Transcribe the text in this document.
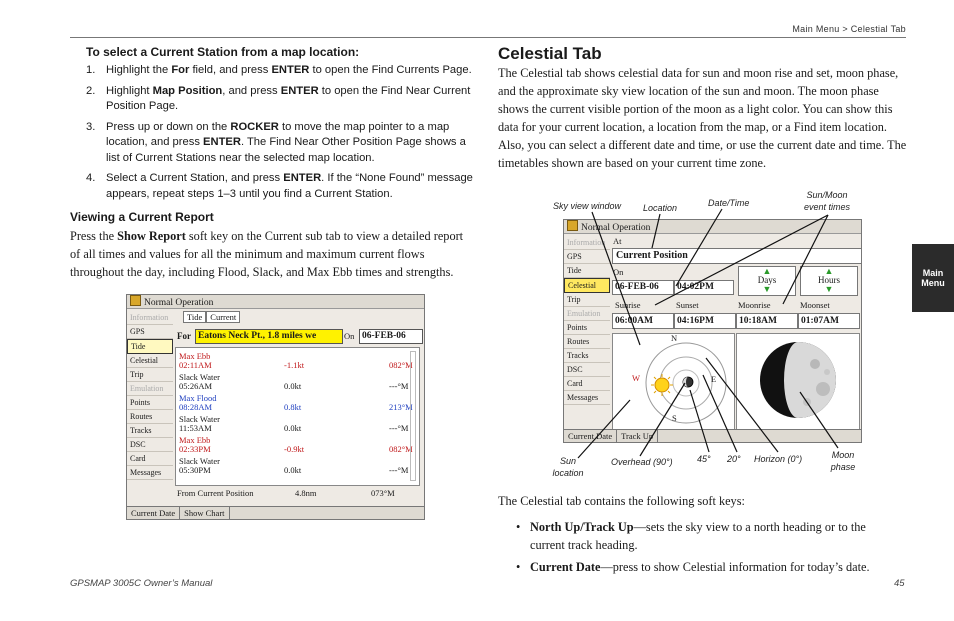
Main Menu > Celestial Tab
Main
Menu
To select a Current Station from a map location:
1. Highlight the For field, and press ENTER to open the Find Currents Page.
2. Highlight Map Position, and press ENTER to open the Find Near Current Position Page.
3. Press up or down on the ROCKER to move the map pointer to a map location, and press ENTER. The Find Near Other Position Page shows a list of Current Stations near the selected map location.
4. Select a Current Station, and press ENTER. If the “None Found” message appears, repeat steps 1–3 until you find a Current Station.
Viewing a Current Report
Press the Show Report soft key on the Current sub tab to view a detailed report of all times and values for all the minimum and maximum current flows throughout the day, including Flood, Slack, and Max Ebb times and strengths.
Normal Operation
Information
GPS
Tide
Celestial
Trip
Emulation
Points
Routes
Tracks
DSC
Card
Messages
Tide Current
For Eatons Neck Pt., 1.8 miles we	On 06-FEB-06
Max Ebb
02:11AM	-1.1kt	082°M
Slack Water
05:26AM	0.0kt	---°M
Max Flood
08:28AM	0.8kt	213°M
Slack Water
11:53AM	0.0kt	---°M
Max Ebb
02:33PM	-0.9kt	082°M
Slack Water
05:30PM	0.0kt	---°M
From Current Position	4.8nm	073°M
Current Date Show Chart
Celestial Tab
The Celestial tab shows celestial data for sun and moon rise and set, moon phase, and the approximate sky view location of the sun and moon. The moon phase shows the current visible portion of the moon as a light color. You can show this data for your current location, a location from the map, or a Find item location. Also, you can select a different date and time, or use the current date and time. The timetables shown are based on your current time zone.
Sky view window Location	Date/Time
Sun/Moon
event times
Normal Operation
Information
GPS
Tide
Celestial
Trip
Emulation
Points
Routes
Tracks
DSC
Card
Messages
At
Current Position
On
06-FEB-06	04:02PM
▲
Days
▼
▲
Hours
▼
Sunrise	Sunset	Moonrise	Moonset
06:00AM	04:16PM	10:18AM	01:07AM
N
S
E
W
Current Date Track Up
Sun
location
Overhead (90°)	45° 20° Horizon (0°)	Moon
phase
The Celestial tab contains the following soft keys:
• North Up/Track Up—sets the sky view to a north heading or to the current track heading.
• Current Date—press to show Celestial information for today’s date.
GPSMAP 3005C Owner’s Manual	45
